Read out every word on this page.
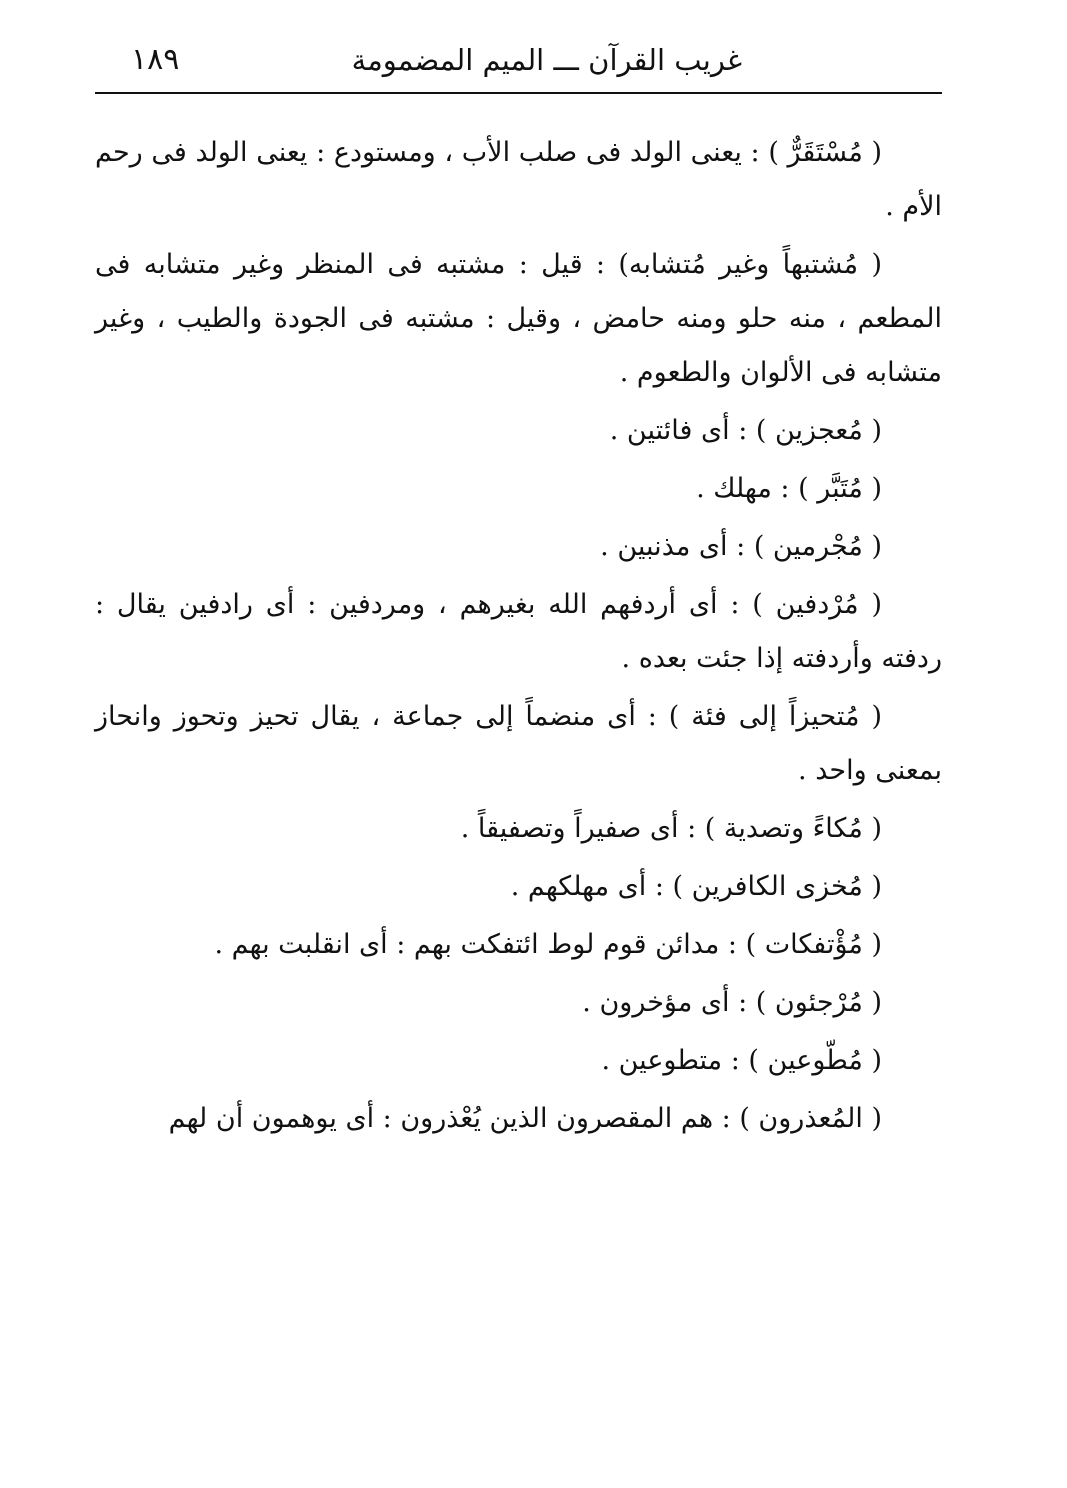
غريب القرآن ـــ الميم المضمومة
١٨٩

( مُسْتَقَرٌّ ) : يعنى الولد فى صلب الأب ، ومستودع : يعنى الولد فى رحم الأم .

( مُشتبهاً وغير مُتشابه) : قيل : مشتبه فى المنظر وغير متشابه فى المطعم ، منه حلو ومنه حامض ، وقيل : مشتبه فى الجودة والطيب ، وغير متشابه فى الألوان والطعوم .

( مُعجزين ) : أى فائتين .

( مُتَبَّر ) : مهلك .

( مُجْرمين ) : أى مذنبين .

( مُرْدفين ) : أى أردفهم الله بغيرهم ، ومردفين : أى رادفين يقال : ردفته وأردفته إذا جئت بعده .

( مُتحيزاً إلى فئة ) : أى منضماً إلى جماعة ، يقال تحيز وتحوز وانحاز بمعنى واحد .

( مُكاءً وتصدية ) : أى صفيراً وتصفيقاً .

( مُخزى الكافرين ) : أى مهلكهم .

( مُؤْتفكات ) : مدائن قوم لوط ائتفكت بهم : أى انقلبت بهم .

( مُرْجئون ) : أى مؤخرون .

( مُطّوعين ) : متطوعين .

( المُعذرون ) : هم المقصرون الذين يُعْذرون : أى يوهمون أن لهم
